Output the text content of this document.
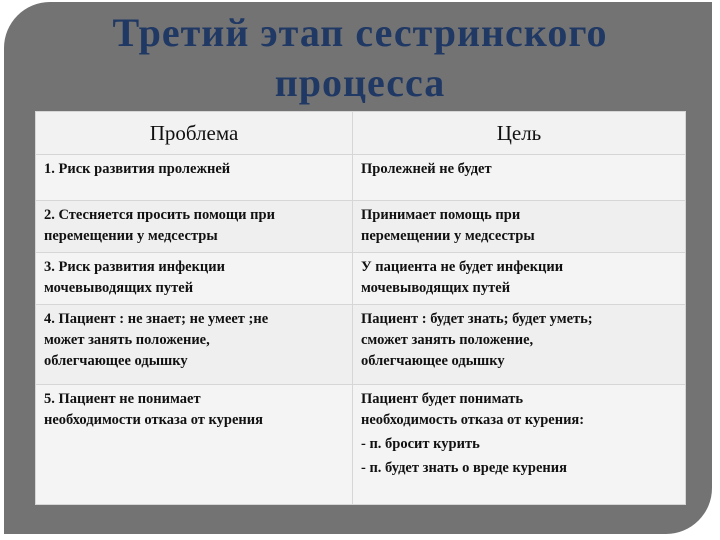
Третий этап сестринского
процесса
Проблема	Цель

1. Риск развития пролежней	Пролежней не будет

2. Стесняется просить помощи при
перемещении у медсестры	Принимает помощь при
перемещении у медсестры

3. Риск развития инфекции
мочевыводящих путей	У пациента не будет инфекции
мочевыводящих путей

4. Пациент : не знает; не умеет ;не
может занять положение,
облегчающее одышку	Пациент : будет знать; будет уметь;
сможет занять положение,
облегчающее одышку

5. Пациент не понимает
необходимости отказа от курения	Пациент будет понимать
необходимость отказа от курения:
- п. бросит курить
- п. будет знать о вреде курения
